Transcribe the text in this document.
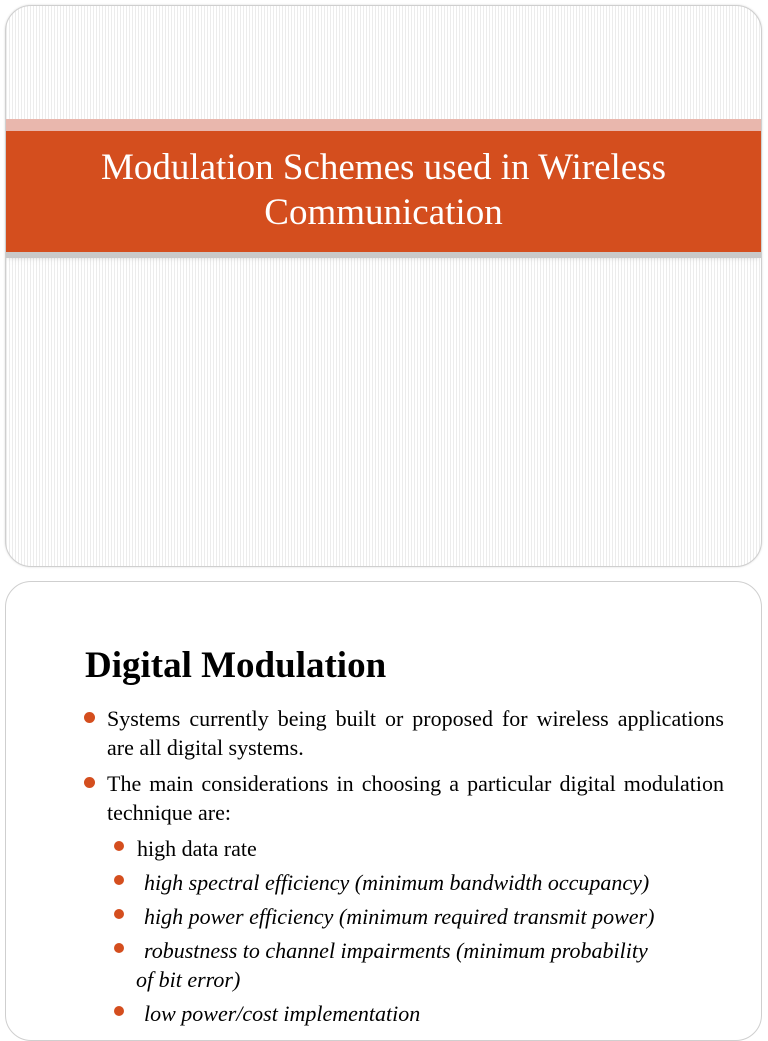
Modulation Schemes used in Wireless
Communication
Digital Modulation
Systems currently being built or proposed for wireless applications are all digital systems.
The main considerations in choosing a particular digital modulation technique are:
high data rate
high spectral efficiency (minimum bandwidth occupancy)
high power efficiency (minimum required transmit power)
robustness to channel impairments (minimum probability
of bit error)
low power/cost implementation
